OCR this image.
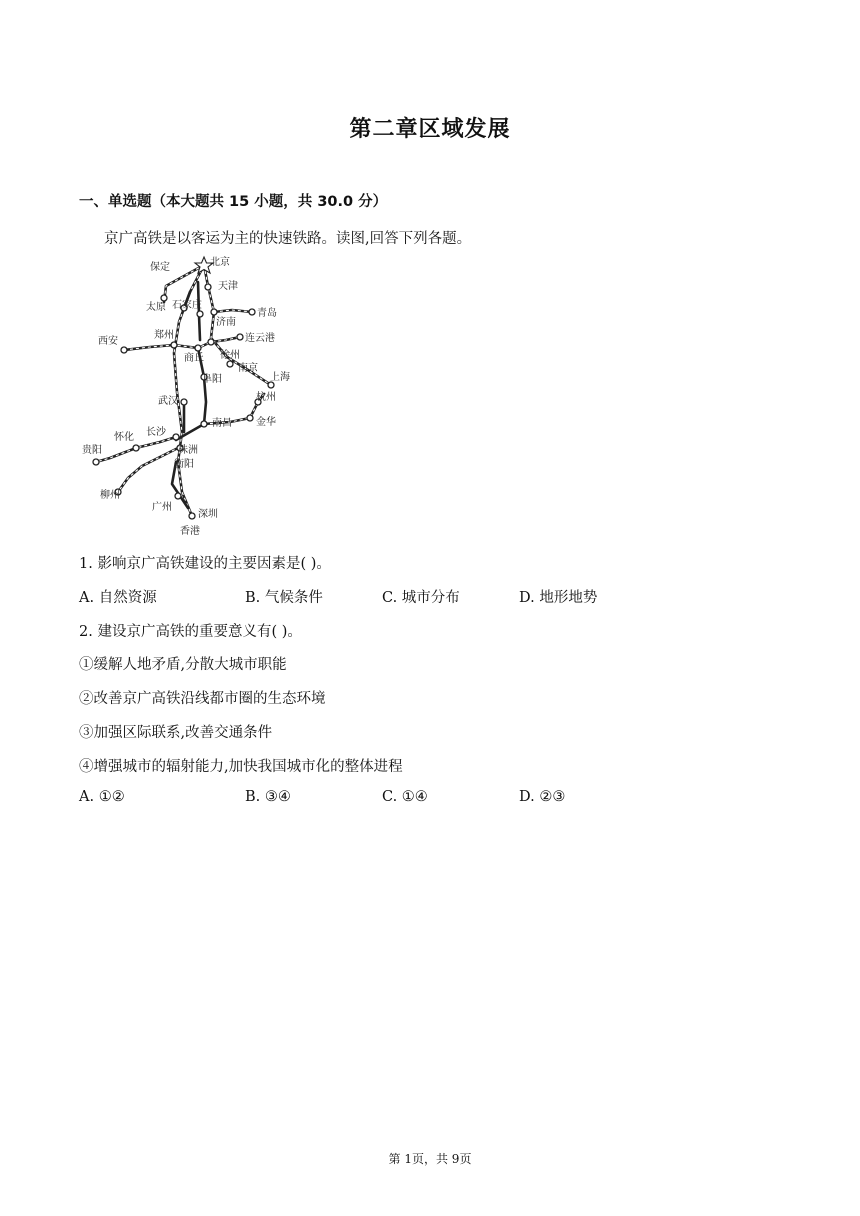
第二章区域发展
一、单选题（本大题共 15 小题，共 30.0 分）
京广高铁是以客运为主的快速铁路。读图,回答下列各题。
北京
保定
天津
太原 石家庄
济南
青岛
郑州
西安	连云港
商丘 徐州
南京
阜阳	上海
杭州
武汉
南昌 金华
长沙
怀化
贵阳	株洲
衡阳
柳州
广州
深圳
香港
1. 影响京广高铁建设的主要因素是( )。
A. 自然资源	B. 气候条件	C. 城市分布	D. 地形地势
2. 建设京广高铁的重要意义有( )。
①缓解人地矛盾,分散大城市职能
②改善京广高铁沿线都市圈的生态环境
③加强区际联系,改善交通条件
④增强城市的辐射能力,加快我国城市化的整体进程
A. ①②	B. ③④	C. ①④	D. ②③
第 1页，共 9页
